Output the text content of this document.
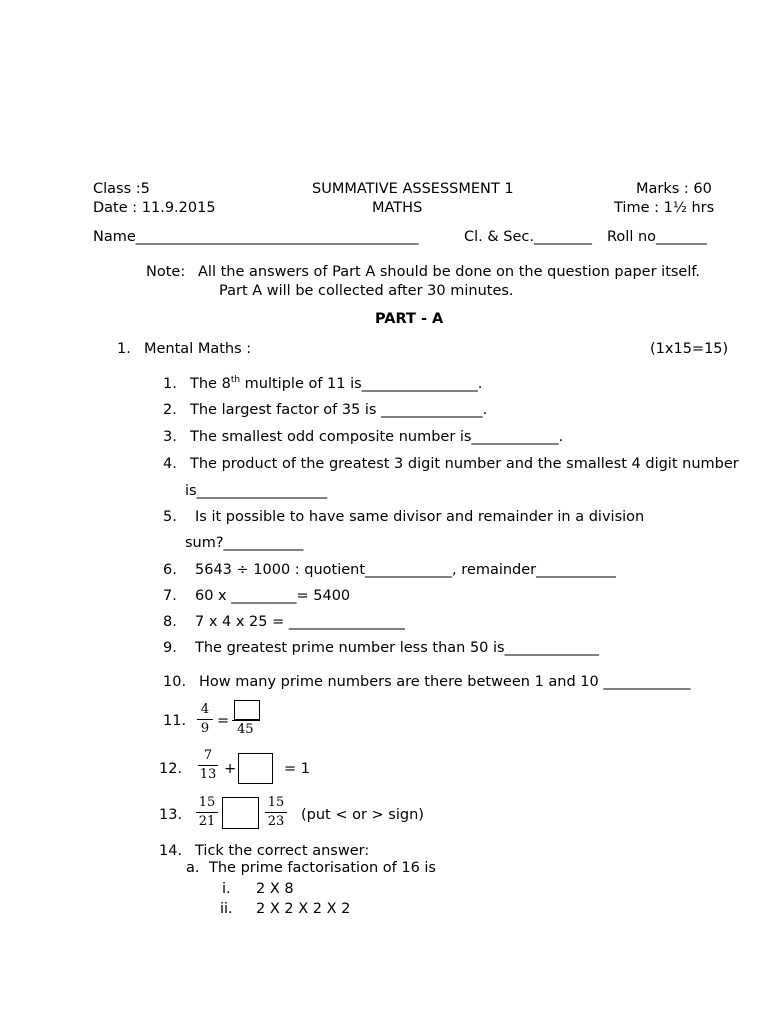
Class :5	SUMMATIVE ASSESSMENT 1	Marks : 60
Date : 11.9.2015	MATHS	Time : 1½ hrs
Name_______________________________________	Cl. & Sec.________ Roll no_______
Note: All the answers of Part A should be done on the question paper itself.
Part A will be collected after 30 minutes.
PART - A
1. Mental Maths :	(1x15=15)
1. The 8th multiple of 11 is________________.
2. The largest factor of 35 is ______________.
3. The smallest odd composite number is____________.
4. The product of the greatest 3 digit number and the smallest 4 digit number
is__________________
5. Is it possible to have same divisor and remainder in a division
sum?___________
6. 5643 ÷ 1000 : quotient____________, remainder___________
7. 60 x _________= 5400
8. 7 x 4 x 25 = ________________
9. The greatest prime number less than 50 is_____________
10. How many prime numbers are there between 1 and 10 ____________
11.
4
9 =
45
12.
7
13 +	= 1
13.
15
21
15
23 (put < or > sign)
14. Tick the correct answer:
a. The prime factorisation of 16 is
i. 2 X 8
ii. 2 X 2 X 2 X 2
